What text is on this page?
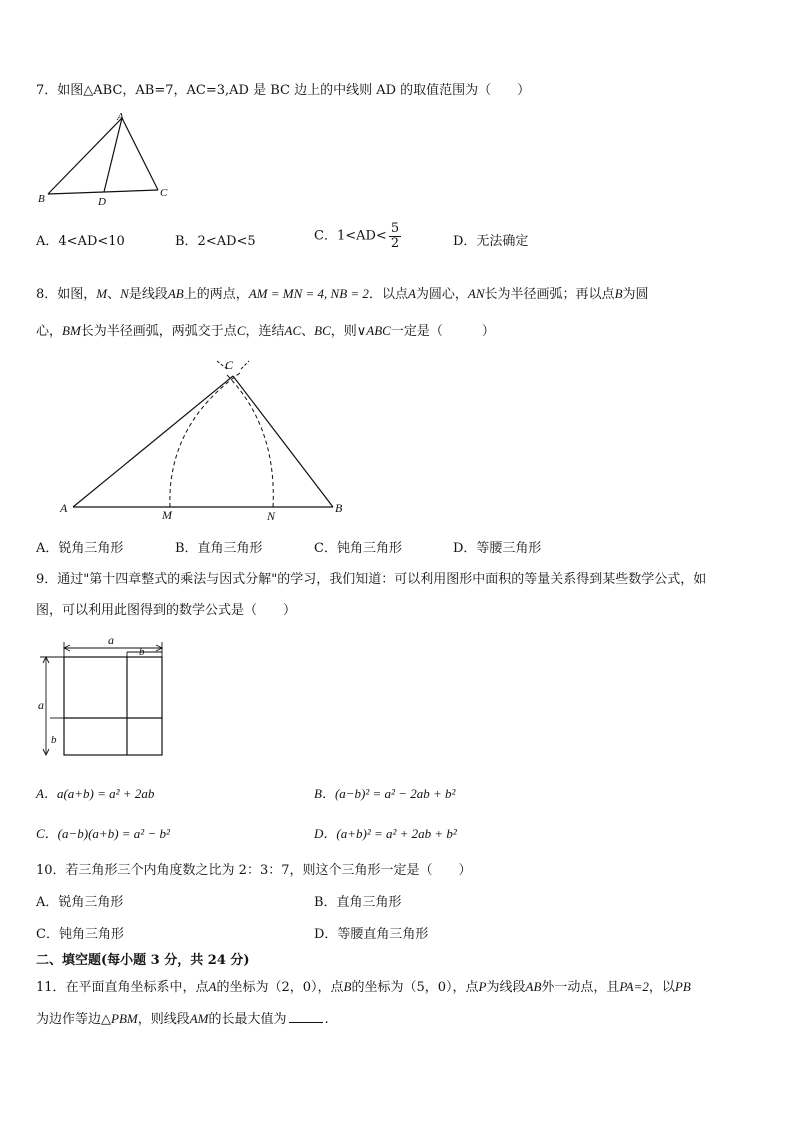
7．如图△ABC，AB=7，AC=3,AD 是 BC 边上的中线则 AD 的取值范围为（　　）
A
B	D
C
A．4<AD<10	B．2<AD<5	C．$1<AD< \frac{5}{2}$	D．无法确定
8．如图，M、N是线段AB上的两点，AM = MN = 4, NB = 2．以点A为圆心，AN长为半径画弧；再以点B为圆
心，BM长为半径画弧，两弧交于点C，连结AC、BC，则∨ABC一定是（　　　）
C
A	M	N
B
A．锐角三角形	B．直角三角形	C．钝角三角形	D．等腰三角形
9．通过"第十四章整式的乘法与因式分解"的学习，我们知道：可以利用图形中面积的等量关系得到某些数学公式，如
图，可以利用此图得到的数学公式是（　　）
a
b
a
b
A．a(a+b) = a² + 2ab	B．(a−b)² = a² − 2ab + b²
C．(a−b)(a+b) = a² − b²	D．(a+b)² = a² + 2ab + b²
10．若三角形三个内角度数之比为 2：3：7，则这个三角形一定是（　　）
A．锐角三角形	B．直角三角形
C．钝角三角形	D．等腰直角三角形
二、填空题(每小题 3 分，共 24 分)
11．在平面直角坐标系中，点A的坐标为（2，0），点B的坐标为（5，0），点P为线段AB外一动点，且PA=2，以PB
为边作等边△PBM，则线段AM的长最大值为	.
